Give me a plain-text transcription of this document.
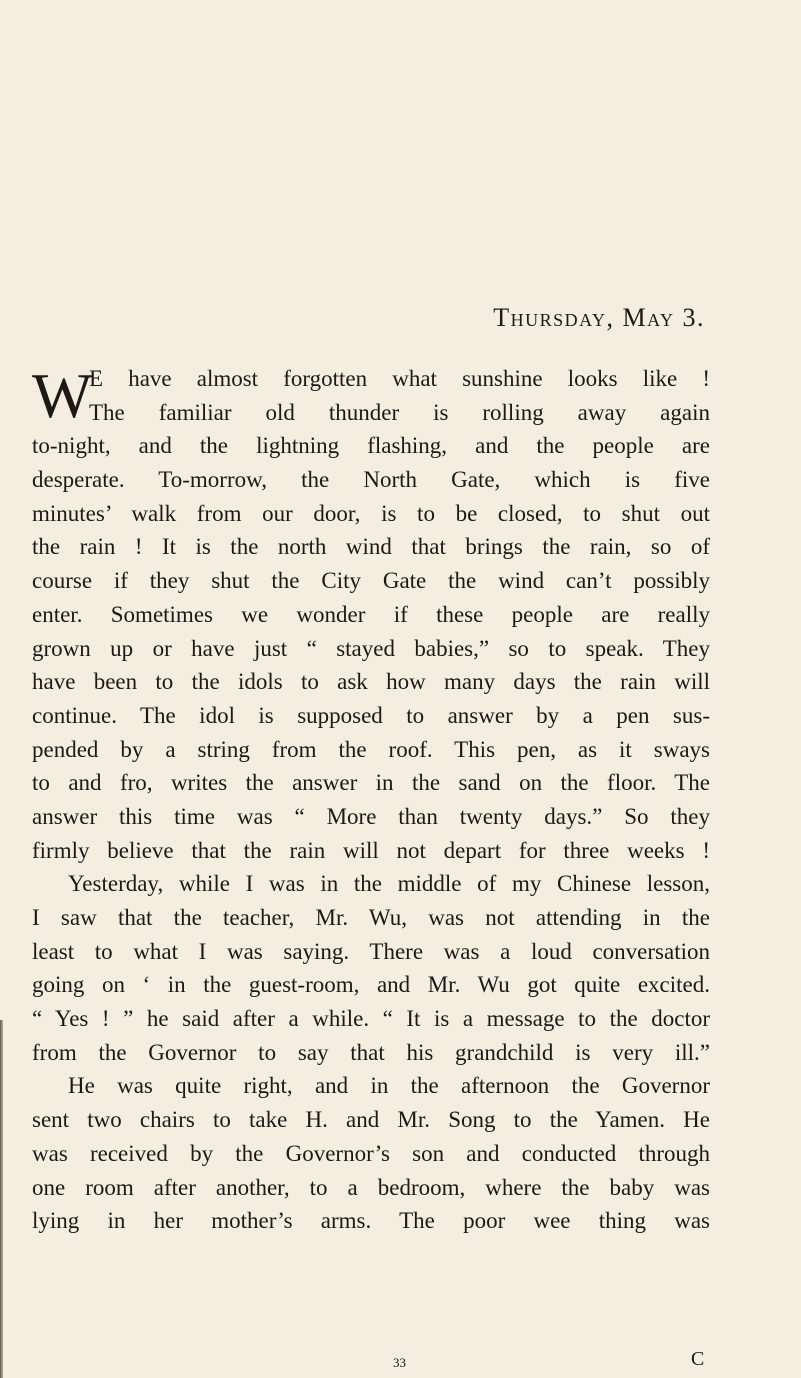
Thursday, May 3.
W
E have almost forgotten what sunshine looks like !
The familiar old thunder is rolling away again
to-night, and the lightning flashing, and the people are
desperate. To-morrow, the North Gate, which is five
minutes’ walk from our door, is to be closed, to shut out
the rain ! It is the north wind that brings the rain, so of
course if they shut the City Gate the wind can’t possibly
enter. Sometimes we wonder if these people are really
grown up or have just “ stayed babies,” so to speak. They
have been to the idols to ask how many days the rain will
continue. The idol is supposed to answer by a pen sus-
pended by a string from the roof. This pen, as it sways
to and fro, writes the answer in the sand on the floor. The
answer this time was “ More than twenty days.” So they
firmly believe that the rain will not depart for three weeks !
Yesterday, while I was in the middle of my Chinese lesson,
I saw that the teacher, Mr. Wu, was not attending in the
least to what I was saying. There was a loud conversation
going on ‘ in the guest-room, and Mr. Wu got quite excited.
“ Yes ! ” he said after a while. “ It is a message to the doctor
from the Governor to say that his grandchild is very ill.”
He was quite right, and in the afternoon the Governor
sent two chairs to take H. and Mr. Song to the Yamen. He
was received by the Governor’s son and conducted through
one room after another, to a bedroom, where the baby was
lying in her mother’s arms. The poor wee thing was
33	C
